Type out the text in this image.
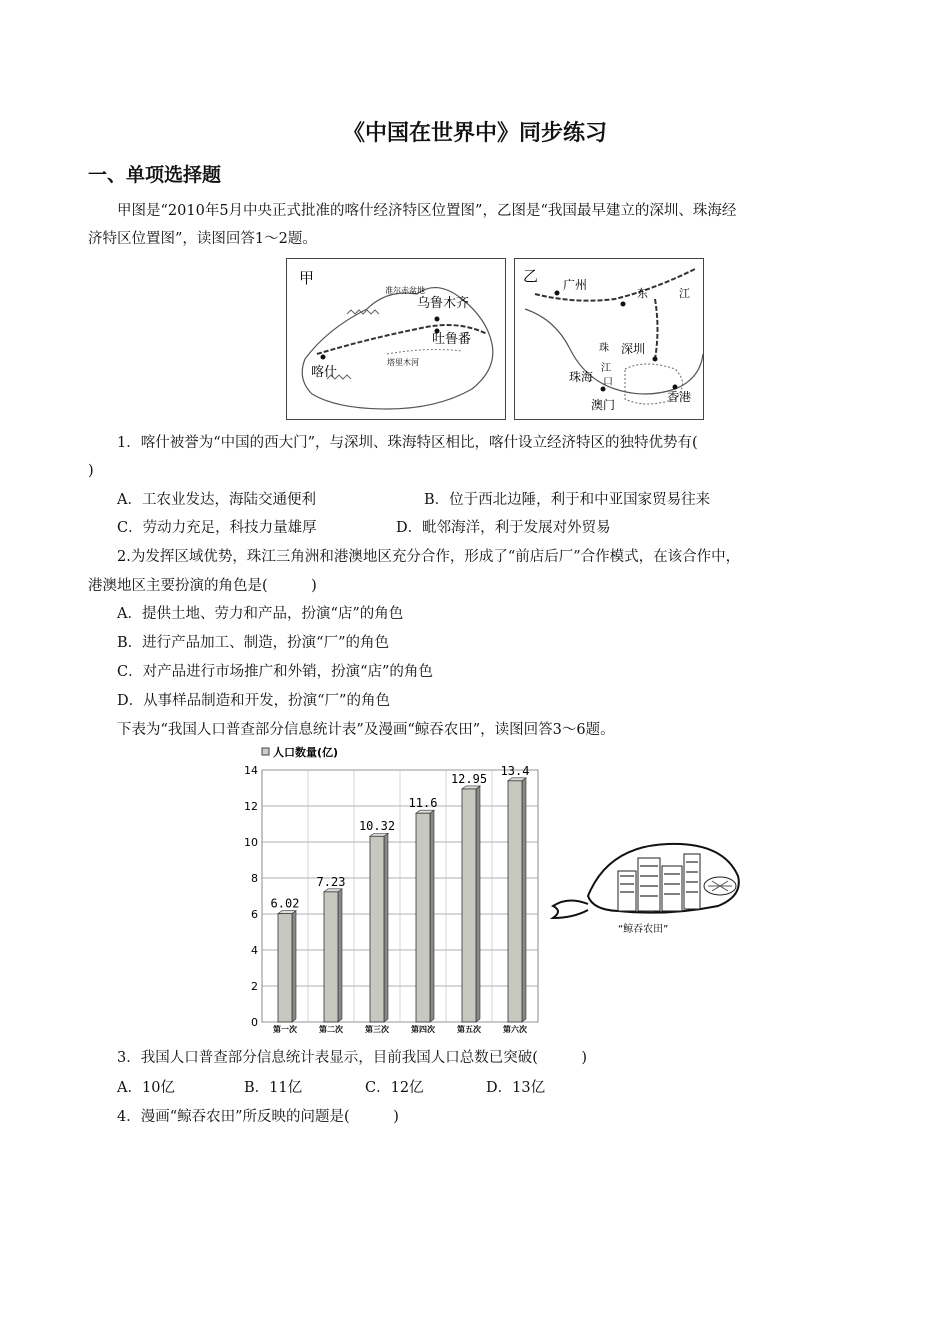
《中国在世界中》同步练习
一、单项选择题
甲图是“2010年5月中央正式批准的喀什经济特区位置图”，乙图是“我国最早建立的深圳、珠海经
济特区位置图”，读图回答1～2题。
甲
准尔赤盆地
乌鲁木齐
吐鲁番
喀什
塔里木河
乙 广州
东	江
珠 深圳
珠海
江
口
澳门
香港
1．喀什被誉为“中国的西大门”，与深圳、珠海特区相比，喀什设立经济特区的独特优势有(
)
A．工农业发达，海陆交通便利	B．位于西北边陲，利于和中亚国家贸易往来
C．劳动力充足，科技力量雄厚	D．毗邻海洋，利于发展对外贸易
2.为发挥区域优势，珠江三角洲和港澳地区充分合作，形成了“前店后厂”合作模式，在该合作中，
港澳地区主要扮演的角色是(　　　)
A．提供土地、劳力和产品，扮演“店”的角色
B．进行产品加工、制造，扮演“厂”的角色
C．对产品进行市场推广和外销，扮演“店”的角色
D．从事样品制造和开发，扮演“厂”的角色
下表为“我国人口普查部分信息统计表”及漫画“鲸吞农田”，读图回答3～6题。
人口数量(亿)
0
2
4
6
8
10
12
14
第一次	第二次	第三次	第四次	第五次	第六次
6.02
7.23
10.32
11.6
12.95
13.4
“鲸吞农田”
3．我国人口普查部分信息统计表显示，目前我国人口总数已突破(　　　)
A．10亿	B．11亿	C．12亿	D．13亿
4．漫画“鲸吞农田”所反映的问题是(　　　)
